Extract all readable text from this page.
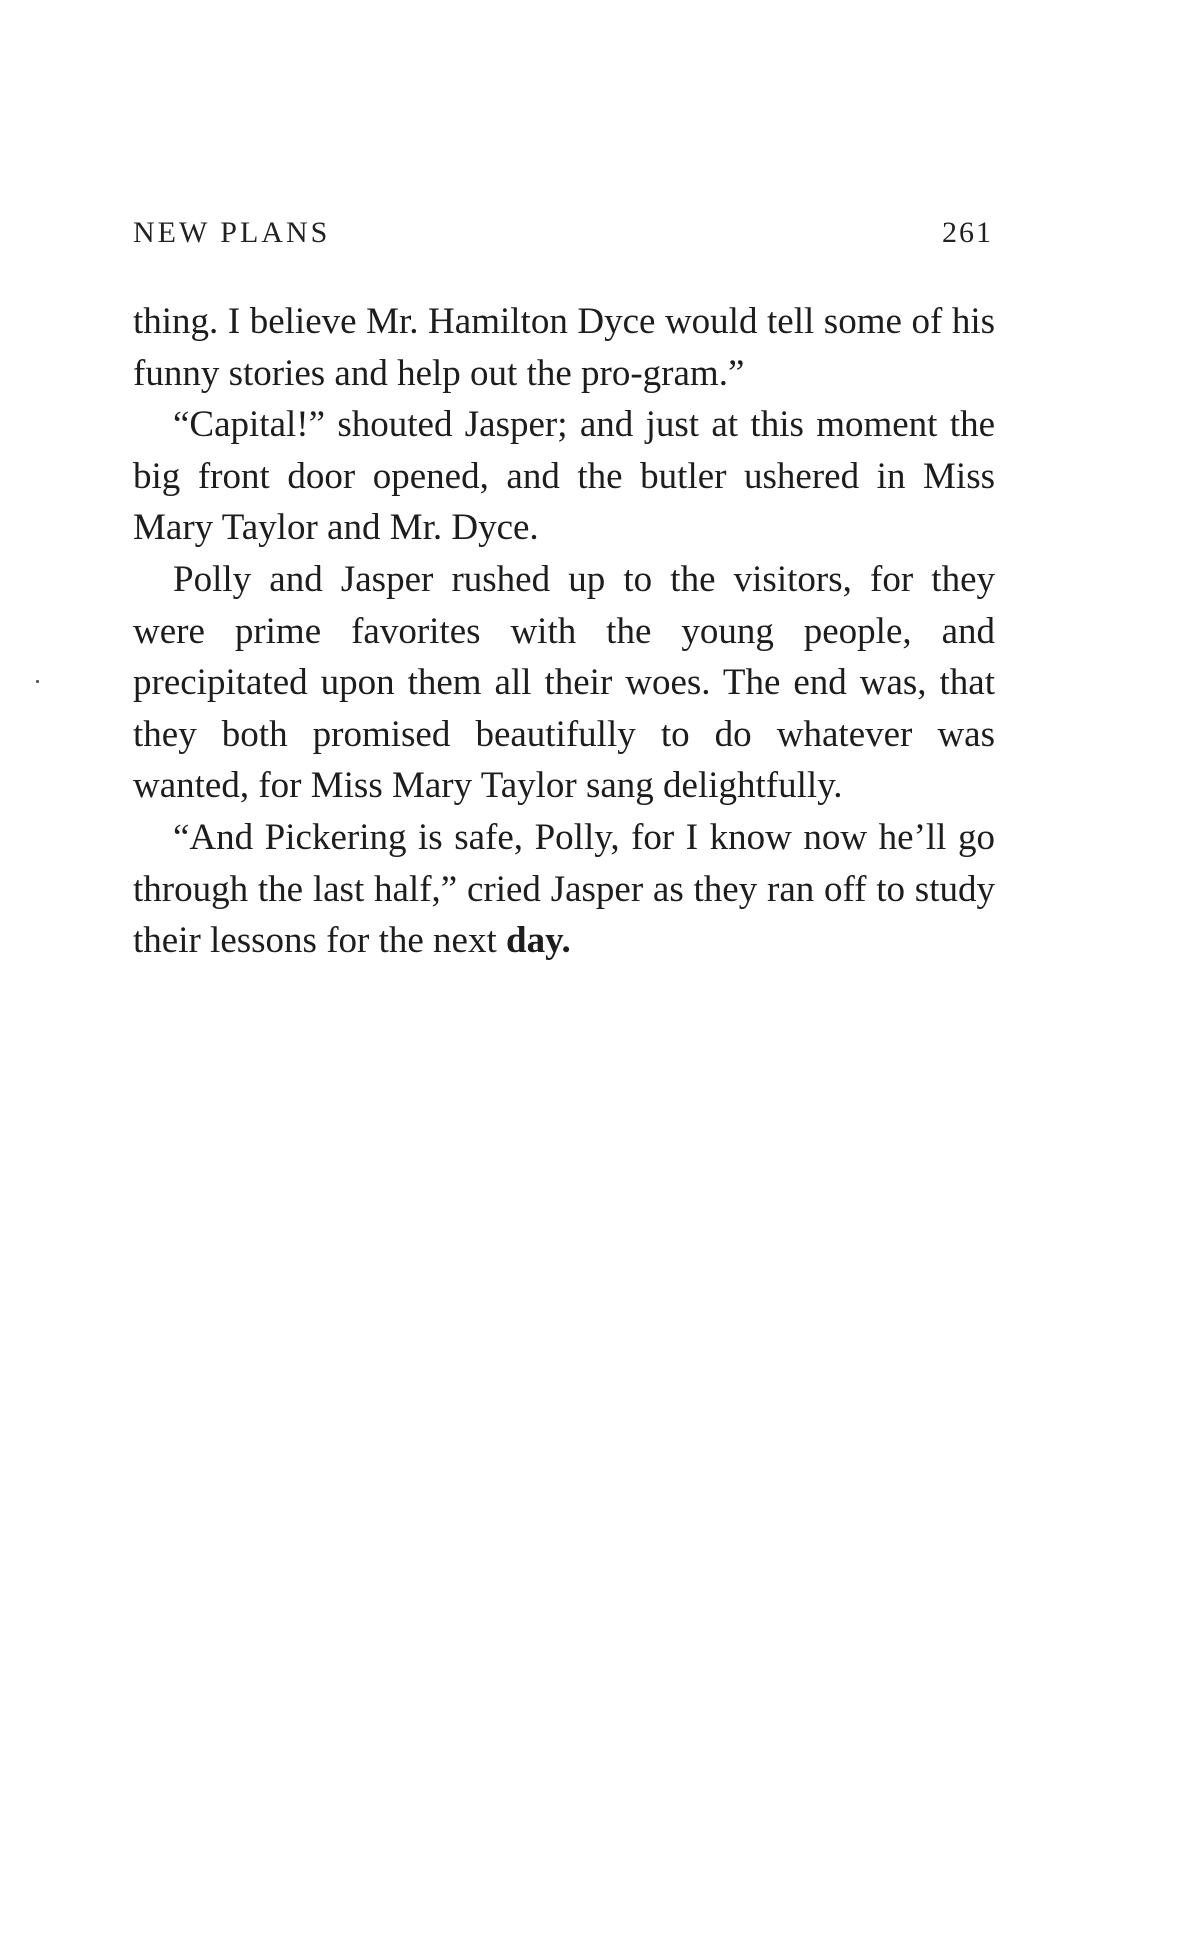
NEW PLANS	261

thing. I believe Mr. Hamilton Dyce would tell some of his funny stories and help out the pro-gram.”

“Capital!” shouted Jasper; and just at this moment the big front door opened, and the butler ushered in Miss Mary Taylor and Mr. Dyce.

Polly and Jasper rushed up to the visitors, for they were prime favorites with the young people, and precipitated upon them all their woes. The end was, that they both promised beautifully to do whatever was wanted, for Miss Mary Taylor sang delightfully.

“And Pickering is safe, Polly, for I know now he’ll go through the last half,” cried Jasper as they ran off to study their lessons for the next day.
